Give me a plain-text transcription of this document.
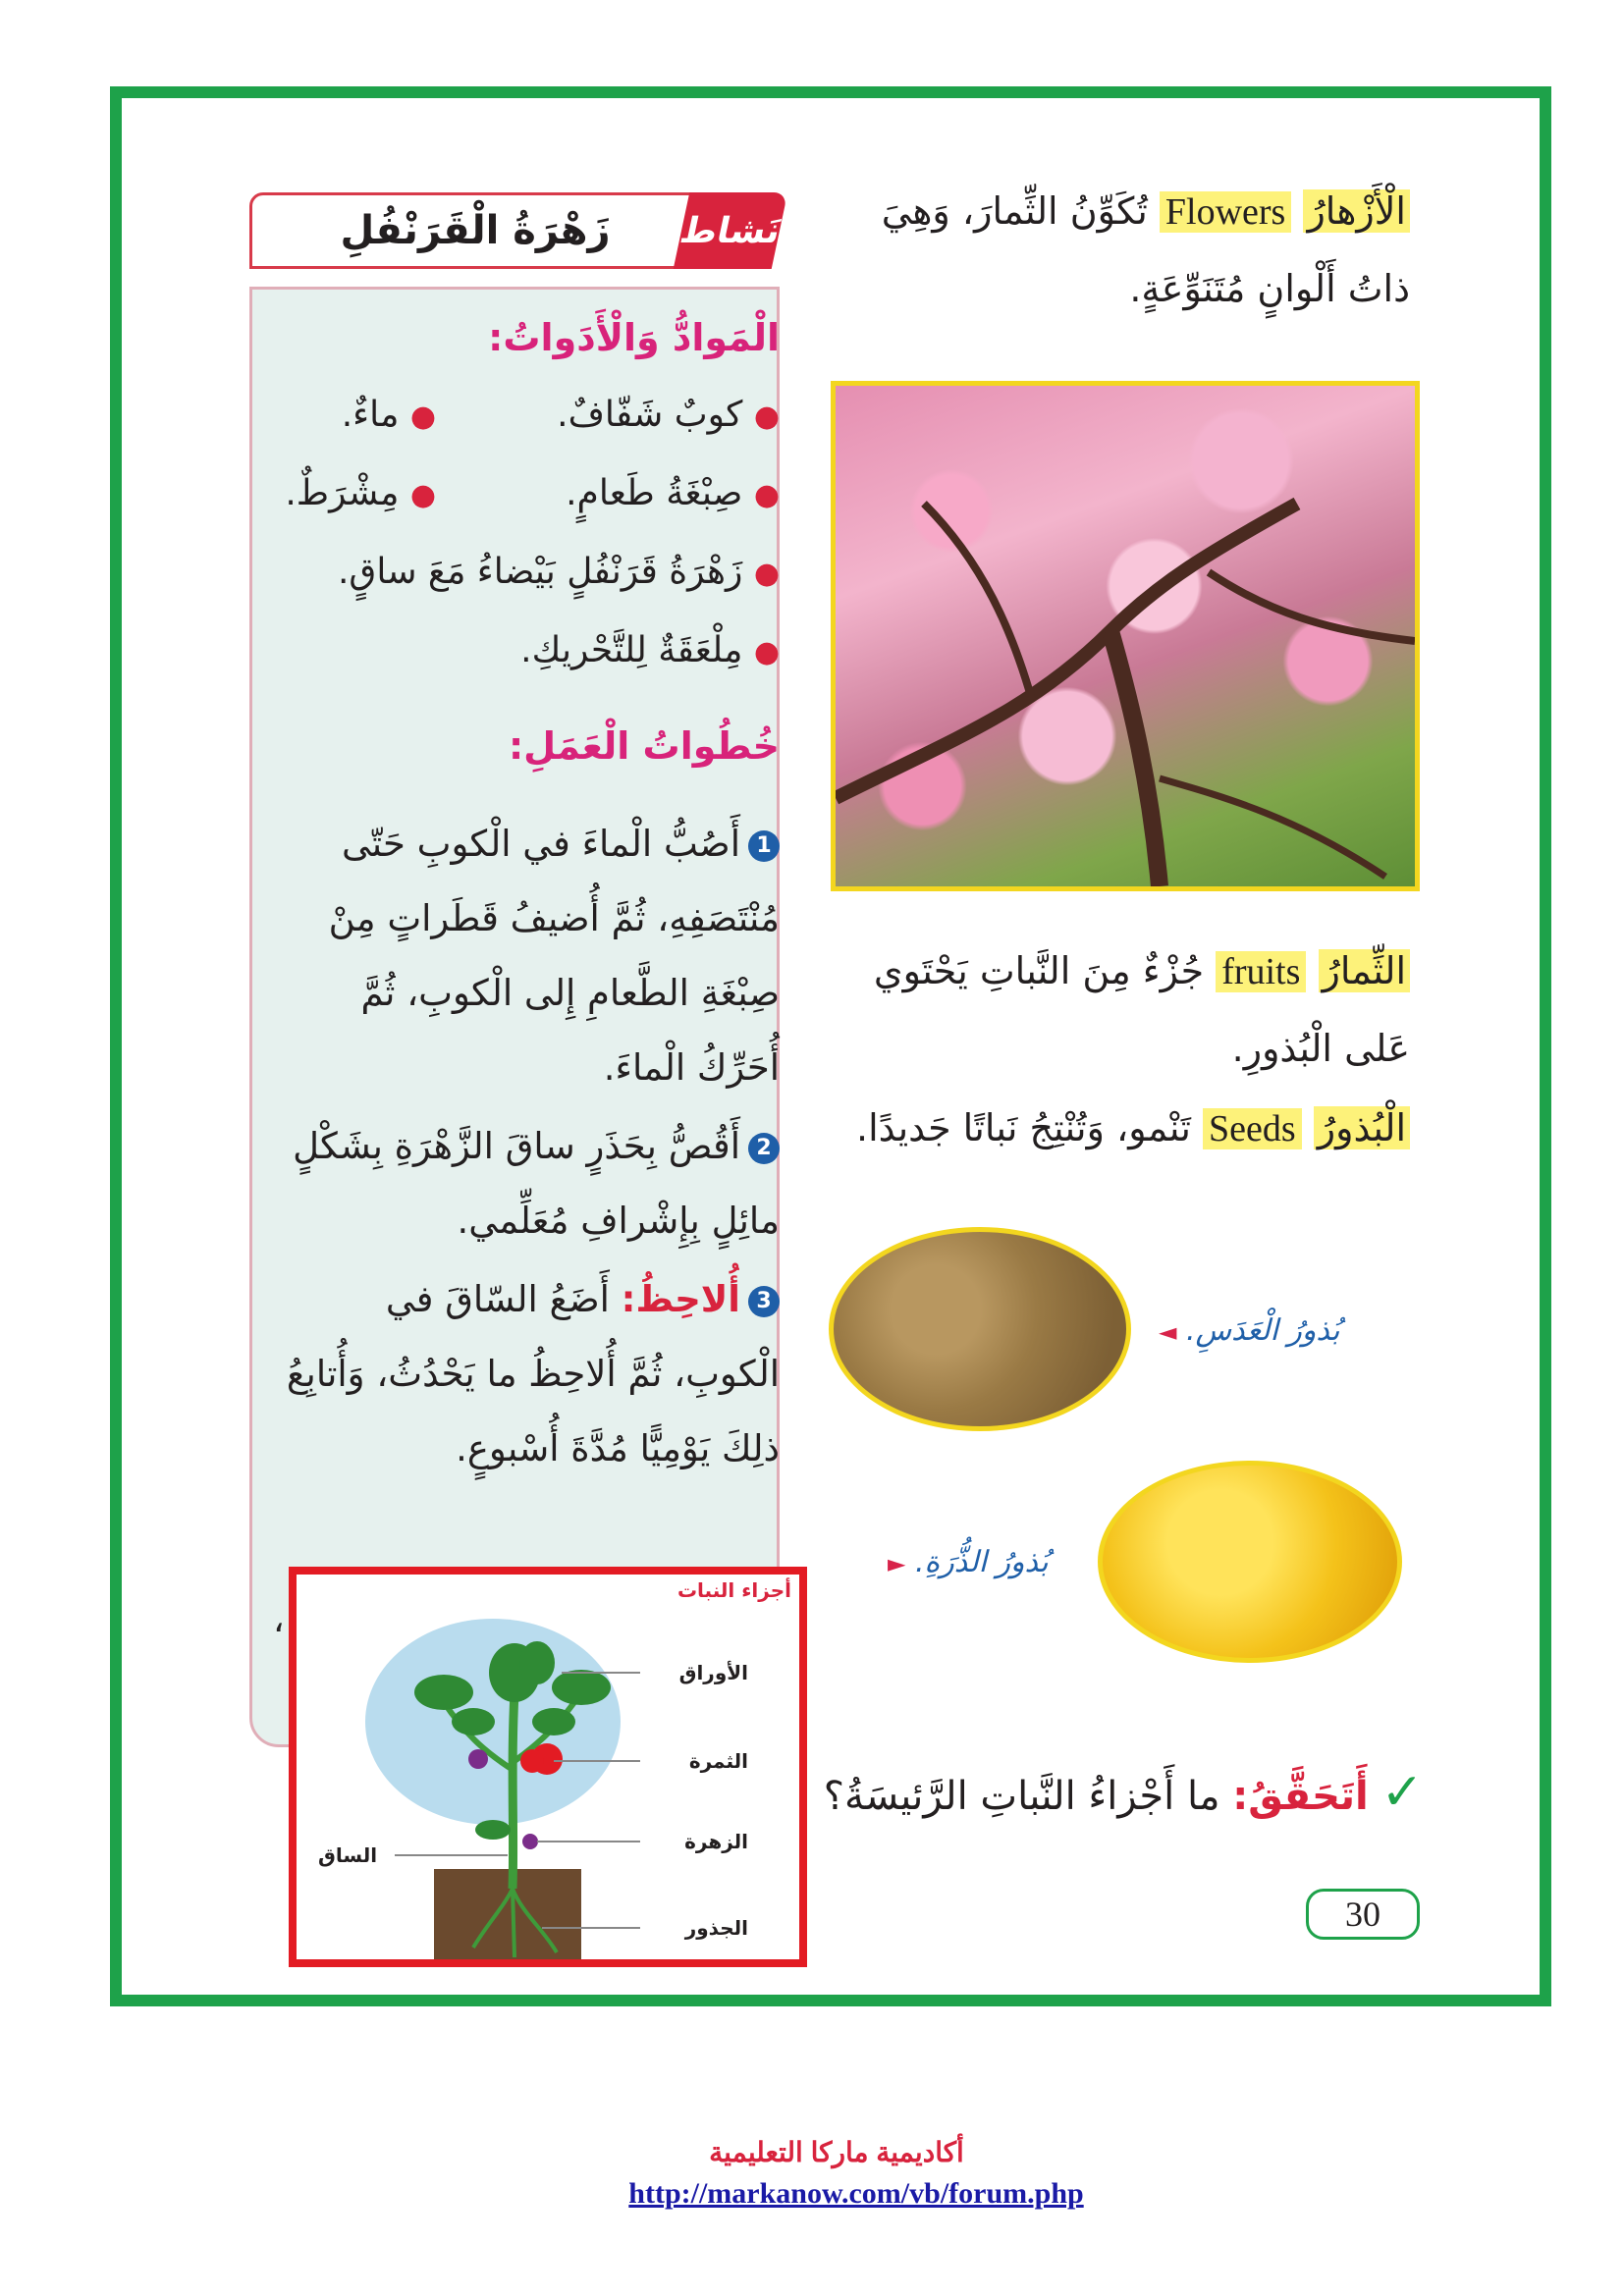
الْأَزْهارُ Flowers تُكَوِّنُ الثِّمارَ، وَهِيَ
ذاتُ أَلْوانٍ مُتَنَوِّعَةٍ.
الثِّمارُ fruits جُزْءٌ مِنَ النَّباتِ يَحْتَوي
عَلى الْبُذورِ.
الْبُذورُ Seeds تَنْمو، وَتُنْتِجُ نَباتًا جَديدًا.
بُذورُ الْعَدَسِ. ◄
بُذورُ الذُّرَةِ. ►
زَهْرَةُ الْقَرَنْفُلِ	نَشاط
الْمَوادُّ وَالْأَدَواتُ:
● كوبٌ شَفّافٌ.
● ماءٌ.
● صِبْغَةُ طَعامٍ.
● مِشْرَطٌ.
● زَهْرَةُ قَرَنْفُلٍ بَيْضاءُ مَعَ ساقٍ.
● مِلْعَقَةٌ لِلتَّحْريكِ.
خُطُواتُ الْعَمَلِ:
1أَصُبُّ الْماءَ في الْكوبِ حَتّى مُنْتَصَفِهِ، ثُمَّ أُضيفُ قَطَراتٍ مِنْ صِبْغَةِ الطَّعامِ إِلى الْكوبِ، ثُمَّ أُحَرِّكُ الْماءَ.
2أَقُصُّ بِحَذَرٍ ساقَ الزَّهْرَةِ بِشَكْلٍ مائِلٍ بِإِشْرافِ مُعَلِّمي.
3أُلاحِظُ: أَضَعُ السّاقَ في الْكوبِ، ثُمَّ أُلاحِظُ ما يَحْدُثُ، وَأُتابِعُ ذلِكَ يَوْمِيًّا مُدَّةَ أُسْبوعٍ.
،
أجزاء النبات
الأوراق
الثمرة
الزهرة
الساق
الجذور
✓ أَتَحَقَّقُ: ما أَجْزاءُ النَّباتِ الرَّئيسَةُ؟
30
أكاديمية ماركا التعليمية
http://markanow.com/vb/forum.php
